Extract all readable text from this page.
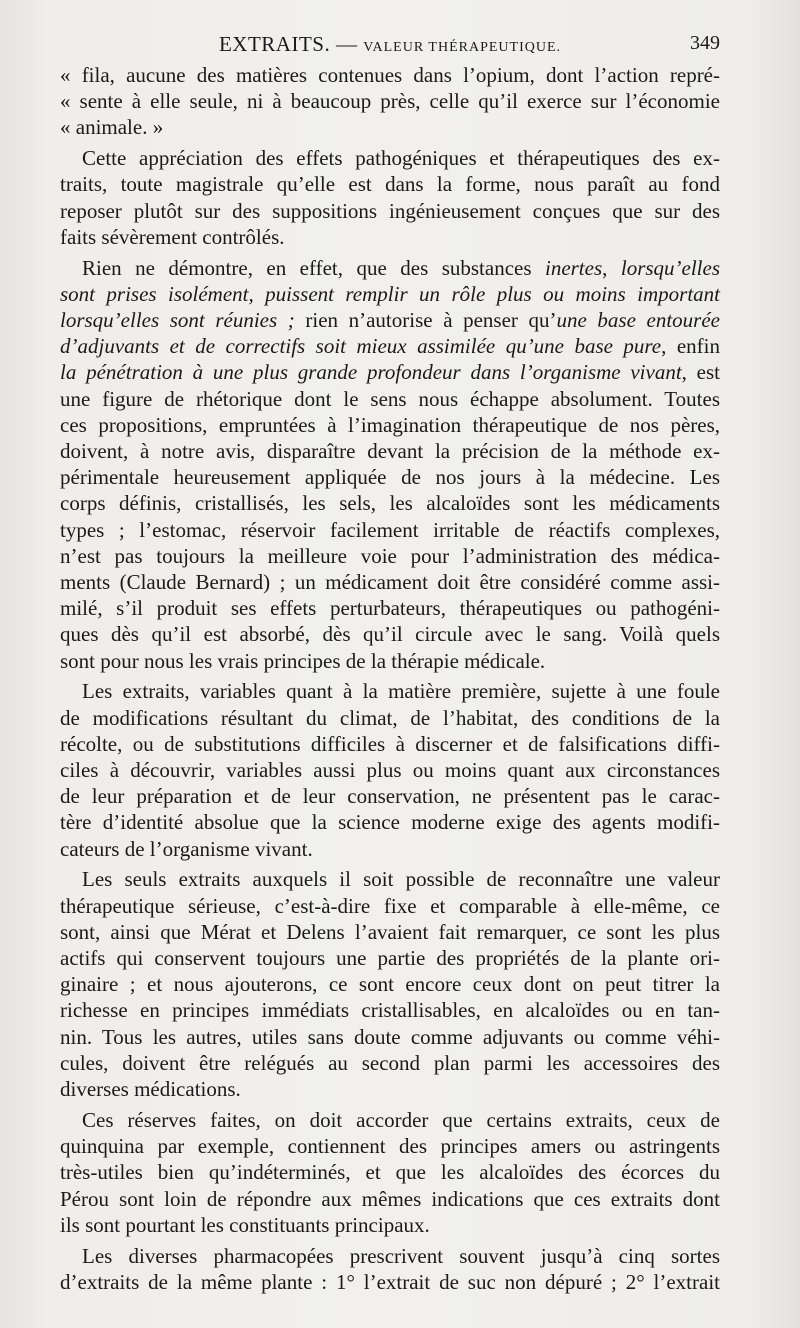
EXTRAITS. — VALEUR THÉRAPEUTIQUE.	349
« fila, aucune des matières contenues dans l’opium, dont l’action repré-
« sente à elle seule, ni à beaucoup près, celle qu’il exerce sur l’économie
« animale. »
Cette appréciation des effets pathogéniques et thérapeutiques des ex-
traits, toute magistrale qu’elle est dans la forme, nous paraît au fond
reposer plutôt sur des suppositions ingénieusement conçues que sur des
faits sévèrement contrôlés.
Rien ne démontre, en effet, que des substances inertes, lorsqu’elles
sont prises isolément, puissent remplir un rôle plus ou moins important
lorsqu’elles sont réunies ; rien n’autorise à penser qu’une base entourée
d’adjuvants et de correctifs soit mieux assimilée qu’une base pure, enfin
la pénétration à une plus grande profondeur dans l’organisme vivant, est
une figure de rhétorique dont le sens nous échappe absolument. Toutes
ces propositions, empruntées à l’imagination thérapeutique de nos pères,
doivent, à notre avis, disparaître devant la précision de la méthode ex-
périmentale heureusement appliquée de nos jours à la médecine. Les
corps définis, cristallisés, les sels, les alcaloïdes sont les médicaments
types ; l’estomac, réservoir facilement irritable de réactifs complexes,
n’est pas toujours la meilleure voie pour l’administration des médica-
ments (Claude Bernard) ; un médicament doit être considéré comme assi-
milé, s’il produit ses effets perturbateurs, thérapeutiques ou pathogéni-
ques dès qu’il est absorbé, dès qu’il circule avec le sang. Voilà quels
sont pour nous les vrais principes de la thérapie médicale.
Les extraits, variables quant à la matière première, sujette à une foule
de modifications résultant du climat, de l’habitat, des conditions de la
récolte, ou de substitutions difficiles à discerner et de falsifications diffi-
ciles à découvrir, variables aussi plus ou moins quant aux circonstances
de leur préparation et de leur conservation, ne présentent pas le carac-
tère d’identité absolue que la science moderne exige des agents modifi-
cateurs de l’organisme vivant.
Les seuls extraits auxquels il soit possible de reconnaître une valeur
thérapeutique sérieuse, c’est-à-dire fixe et comparable à elle-même, ce
sont, ainsi que Mérat et Delens l’avaient fait remarquer, ce sont les plus
actifs qui conservent toujours une partie des propriétés de la plante ori-
ginaire ; et nous ajouterons, ce sont encore ceux dont on peut titrer la
richesse en principes immédiats cristallisables, en alcaloïdes ou en tan-
nin. Tous les autres, utiles sans doute comme adjuvants ou comme véhi-
cules, doivent être relégués au second plan parmi les accessoires des
diverses médications.
Ces réserves faites, on doit accorder que certains extraits, ceux de
quinquina par exemple, contiennent des principes amers ou astringents
très-utiles bien qu’indéterminés, et que les alcaloïdes des écorces du
Pérou sont loin de répondre aux mêmes indications que ces extraits dont
ils sont pourtant les constituants principaux.
Les diverses pharmacopées prescrivent souvent jusqu’à cinq sortes
d’extraits de la même plante : 1° l’extrait de suc non dépuré ; 2° l’extrait
